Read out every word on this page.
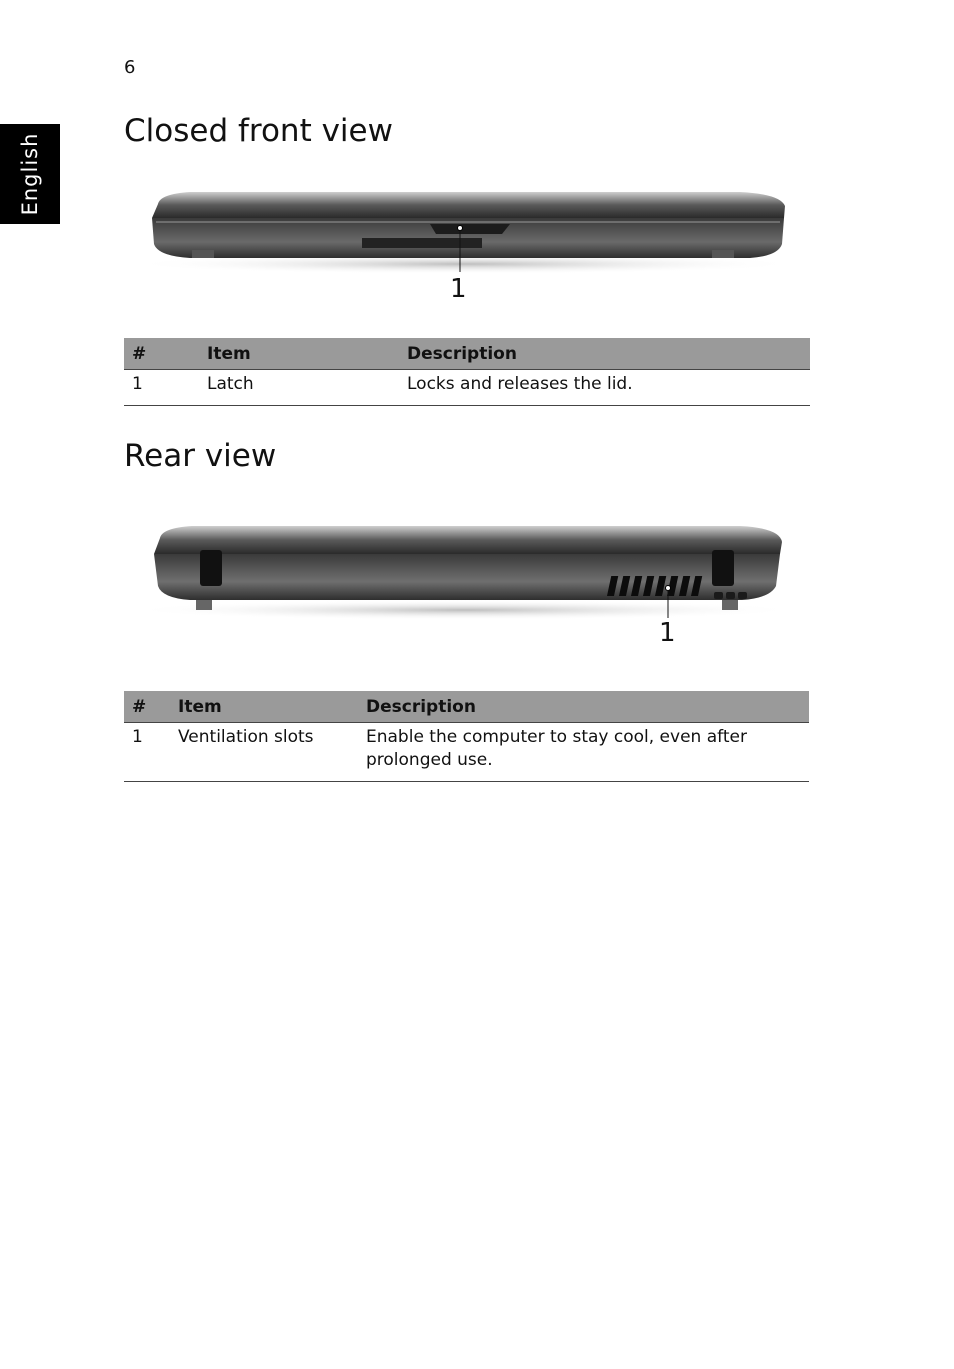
6
English
Closed front view
1
#	Item	Description
1	Latch	Locks and releases the lid.
Rear view
1
#	Item	Description
1	Ventilation slots	Enable the computer to stay cool, even after prolonged use.
